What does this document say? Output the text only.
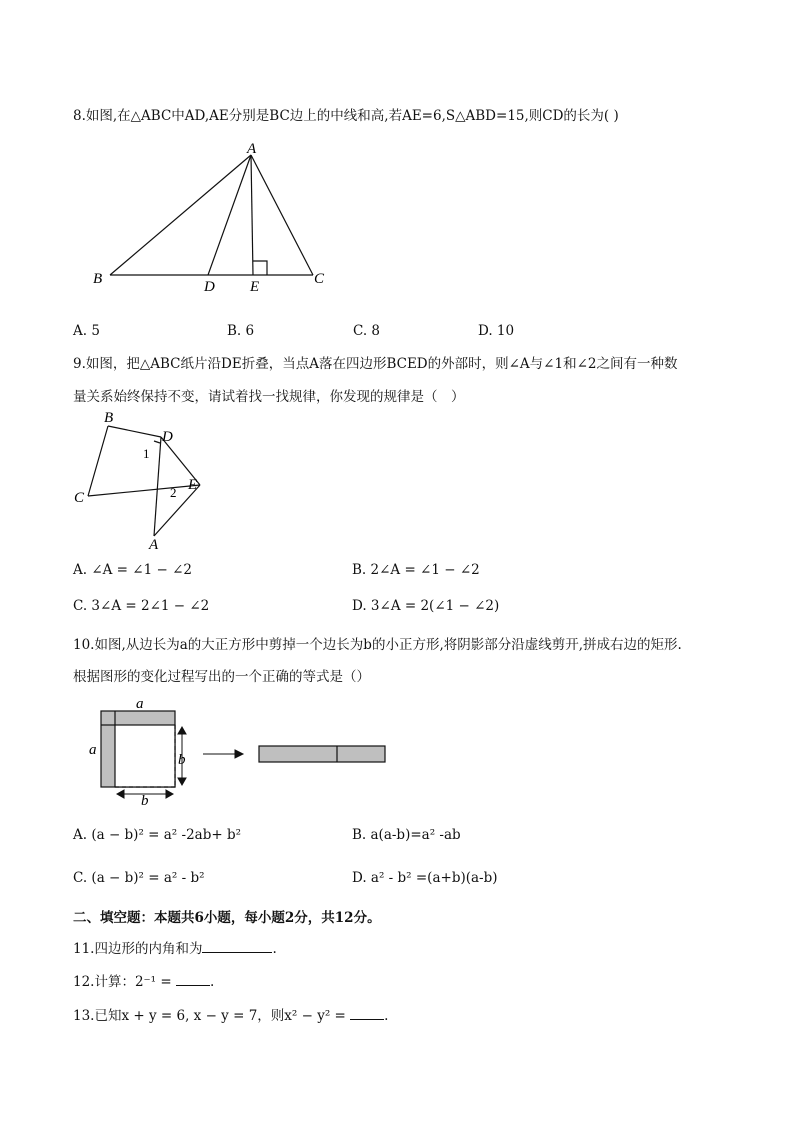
8.如图,在△ABC中AD,AE分别是BC边上的中线和高,若AE=6,S△ABD=15,则CD的长为( )
A
B	D E	C
A. 5	B. 6	C. 8	D. 10
9.如图，把△ABC纸片沿DE折叠，当点A落在四边形BCED的外部时，则∠A与∠1和∠2之间有一种数
量关系始终保持不变，请试着找一找规律，你发现的规律是（　）
B
D
1
C	2 E
A
A. ∠A = ∠1 − ∠2	B. 2∠A = ∠1 − ∠2
C. 3∠A = 2∠1 − ∠2	D. 3∠A = 2(∠1 − ∠2)
10.如图,从边长为a的大正方形中剪掉一个边长为b的小正方形,将阴影部分沿虚线剪开,拼成右边的矩形.
根据图形的变化过程写出的一个正确的等式是（）
a
a
b
b
A. (a − b)² = a² -2ab+ b²	B. a(a-b)=a² -ab
C. (a − b)² = a² - b²	D. a² - b² =(a+b)(a-b)
二、填空题：本题共6小题，每小题2分，共12分。
11.四边形的内角和为	.
12.计算：2⁻¹ =	.
13.已知x + y = 6, x − y = 7，则x² − y² =	.
